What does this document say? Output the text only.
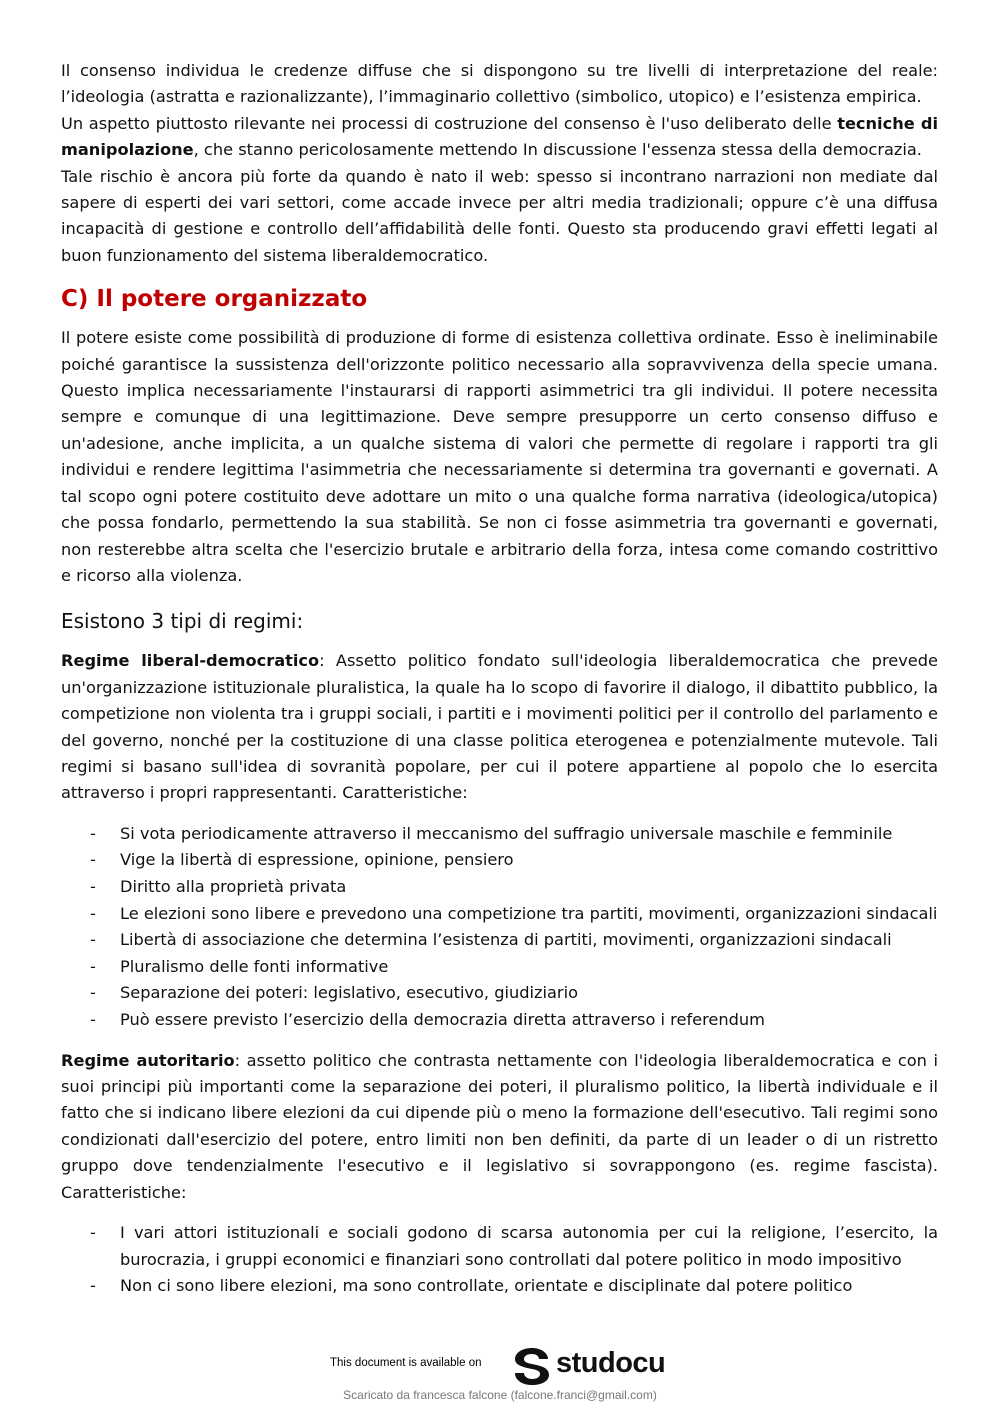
Il consenso individua le credenze diffuse che si dispongono su tre livelli di interpretazione del reale: l’ideologia (astratta e razionalizzante), l’immaginario collettivo (simbolico, utopico) e l’esistenza empirica.

Un aspetto piuttosto rilevante nei processi di costruzione del consenso è l'uso deliberato delle tecniche di manipolazione, che stanno pericolosamente mettendo In discussione l'essenza stessa della democrazia.

Tale rischio è ancora più forte da quando è nato il web: spesso si incontrano narrazioni non mediate dal sapere di esperti dei vari settori, come accade invece per altri media tradizionali; oppure c’è una diffusa incapacità di gestione e controllo dell’affidabilità delle fonti. Questo sta producendo gravi effetti legati al buon funzionamento del sistema liberaldemocratico.

C) Il potere organizzato

Il potere esiste come possibilità di produzione di forme di esistenza collettiva ordinate. Esso è ineliminabile poiché garantisce la sussistenza dell'orizzonte politico necessario alla sopravvivenza della specie umana. Questo implica necessariamente l'instaurarsi di rapporti asimmetrici tra gli individui. Il potere necessita sempre e comunque di una legittimazione. Deve sempre presupporre un certo consenso diffuso e un'adesione, anche implicita, a un qualche sistema di valori che permette di regolare i rapporti tra gli individui e rendere legittima l'asimmetria che necessariamente si determina tra governanti e governati. A tal scopo ogni potere costituito deve adottare un mito o una qualche forma narrativa (ideologica/utopica) che possa fondarlo, permettendo la sua stabilità. Se non ci fosse asimmetria tra governanti e governati, non resterebbe altra scelta che l'esercizio brutale e arbitrario della forza, intesa come comando costrittivo e ricorso alla violenza.

Esistono 3 tipi di regimi:

Regime liberal-democratico: Assetto politico fondato sull'ideologia liberaldemocratica che prevede un'organizzazione istituzionale pluralistica, la quale ha lo scopo di favorire il dialogo, il dibattito pubblico, la competizione non violenta tra i gruppi sociali, i partiti e i movimenti politici per il controllo del parlamento e del governo, nonché per la costituzione di una classe politica eterogenea e potenzialmente mutevole. Tali regimi si basano sull'idea di sovranità popolare, per cui il potere appartiene al popolo che lo esercita attraverso i propri rappresentanti. Caratteristiche:

- Si vota periodicamente attraverso il meccanismo del suffragio universale maschile e femminile
- Vige la libertà di espressione, opinione, pensiero
- Diritto alla proprietà privata
- Le elezioni sono libere e prevedono una competizione tra partiti, movimenti, organizzazioni sindacali
- Libertà di associazione che determina l’esistenza di partiti, movimenti, organizzazioni sindacali
- Pluralismo delle fonti informative
- Separazione dei poteri: legislativo, esecutivo, giudiziario
- Può essere previsto l’esercizio della democrazia diretta attraverso i referendum

Regime autoritario: assetto politico che contrasta nettamente con l'ideologia liberaldemocratica e con i suoi principi più importanti come la separazione dei poteri, il pluralismo politico, la libertà individuale e il fatto che si indicano libere elezioni da cui dipende più o meno la formazione dell'esecutivo. Tali regimi sono condizionati dall'esercizio del potere, entro limiti non ben definiti, da parte di un leader o di un ristretto gruppo dove tendenzialmente l'esecutivo e il legislativo si sovrappongono (es. regime fascista). Caratteristiche:

- I vari attori istituzionali e sociali godono di scarsa autonomia per cui la religione, l’esercito, la burocrazia, i gruppi economici e finanziari sono controllati dal potere politico in modo impositivo
- Non ci sono libere elezioni, ma sono controllate, orientate e disciplinate dal potere politico
This document is available on	studocu
Scaricato da francesca falcone (falcone.franci@gmail.com)
